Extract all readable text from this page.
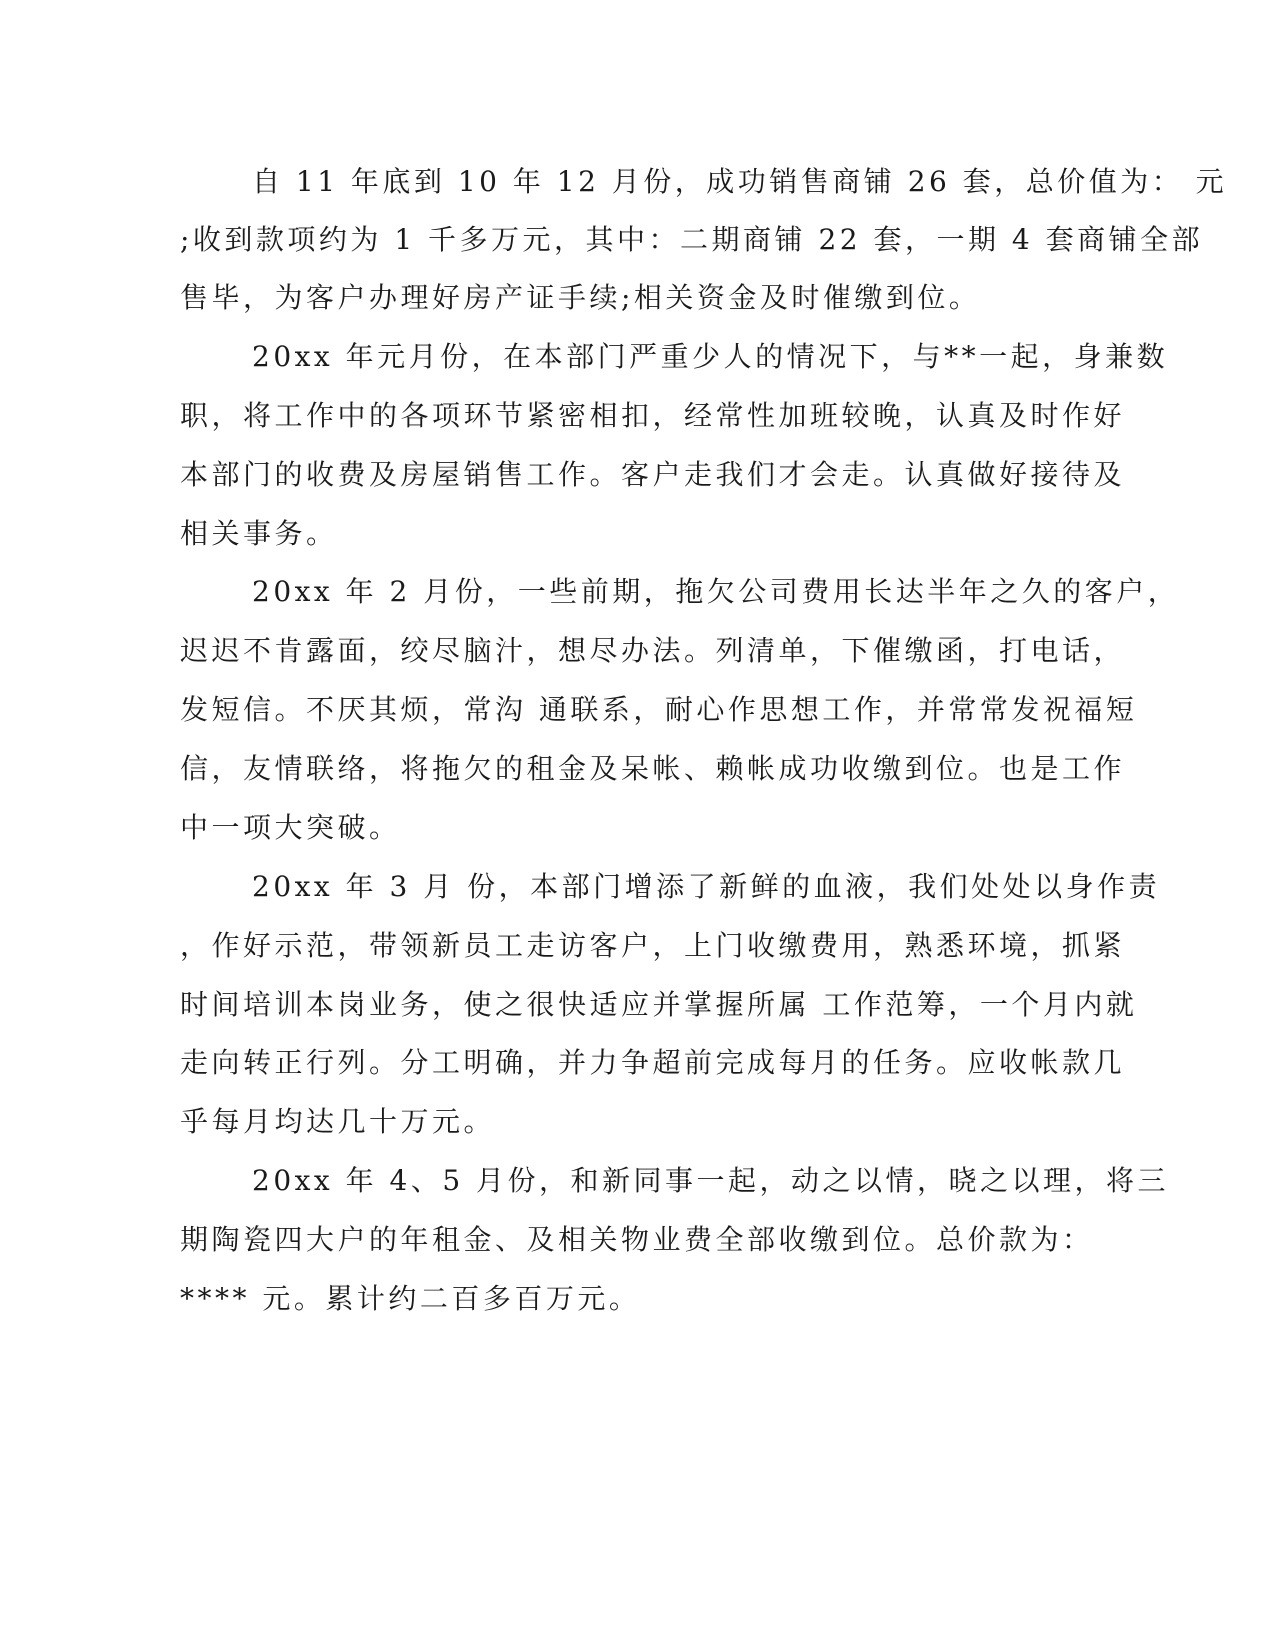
自 11 年底到 10 年 12 月份，成功销售商铺 26 套，总价值为： 元

;收到款项约为 1 千多万元，其中：二期商铺 22 套，一期 4 套商铺全部

售毕，为客户办理好房产证手续;相关资金及时催缴到位。

20xx 年元月份，在本部门严重少人的情况下，与**一起，身兼数

职，将工作中的各项环节紧密相扣，经常性加班较晚，认真及时作好

本部门的收费及房屋销售工作。客户走我们才会走。认真做好接待及

相关事务。

20xx 年 2 月份，一些前期，拖欠公司费用长达半年之久的客户，

迟迟不肯露面，绞尽脑汁，想尽办法。列清单，下催缴函，打电话，

发短信。不厌其烦，常沟 通联系，耐心作思想工作，并常常发祝福短

信，友情联络，将拖欠的租金及呆帐、赖帐成功收缴到位。也是工作

中一项大突破。

20xx 年 3 月 份，本部门增添了新鲜的血液，我们处处以身作责

，作好示范，带领新员工走访客户，上门收缴费用，熟悉环境，抓紧

时间培训本岗业务，使之很快适应并掌握所属 工作范筹，一个月内就

走向转正行列。分工明确，并力争超前完成每月的任务。应收帐款几

乎每月均达几十万元。

20xx 年 4、5 月份，和新同事一起，动之以情，晓之以理，将三

期陶瓷四大户的年租金、及相关物业费全部收缴到位。总价款为：

**** 元。累计约二百多百万元。
